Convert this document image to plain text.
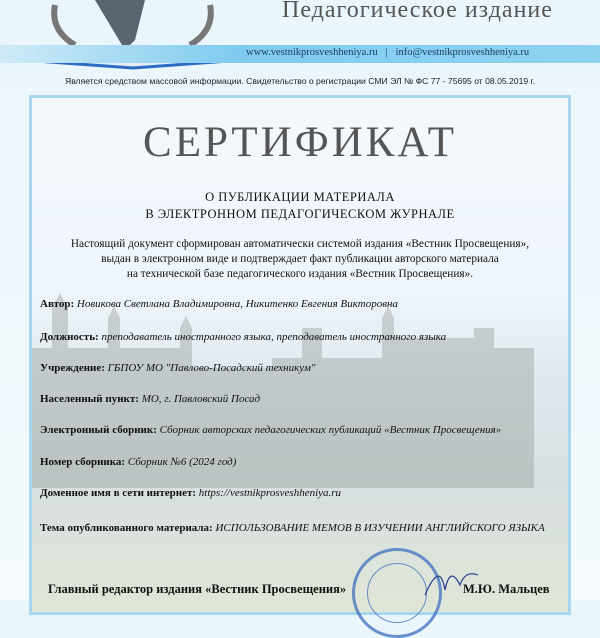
Педагогическое издание
www.vestnikprosveshheniya.ru | info@vestnikprosveshheniya.ru
Является средством массовой информации. Свидетельство о регистрации СМИ ЭЛ № ФС 77 - 75695 от 08.05.2019 г.
СЕРТИФИКАТ
О ПУБЛИКАЦИИ МАТЕРИАЛА
В ЭЛЕКТРОННОМ ПЕДАГОГИЧЕСКОМ ЖУРНАЛЕ
Настоящий документ сформирован автоматически системой издания «Вестник Просвещения»,
выдан в электронном виде и подтверждает факт публикации авторского материала
на технической базе педагогического издания «Вестник Просвещения».
Автор: Новикова Светлана Владимировна, Никитенко Евгения Викторовна
Должность: преподаватель иностранного языка, преподаватель иностранного языка
Учреждение: ГБПОУ МО "Павлово-Посадский техникум"
Населенный пункт: МО, г. Павловский Посад
Электронный сборник: Сборник авторских педагогических публикаций «Вестник Просвещения»
Номер сборника: Сборник №6 (2024 год)
Доменное имя в сети интернет: https://vestnikprosveshheniya.ru
Тема опубликованного материала: ИСПОЛЬЗОВАНИЕ МЕМОВ В ИЗУЧЕНИИ АНГЛИЙСКОГО ЯЗЫКА
Главный редактор издания «Вестник Просвещения»	М.Ю. Мальцев
